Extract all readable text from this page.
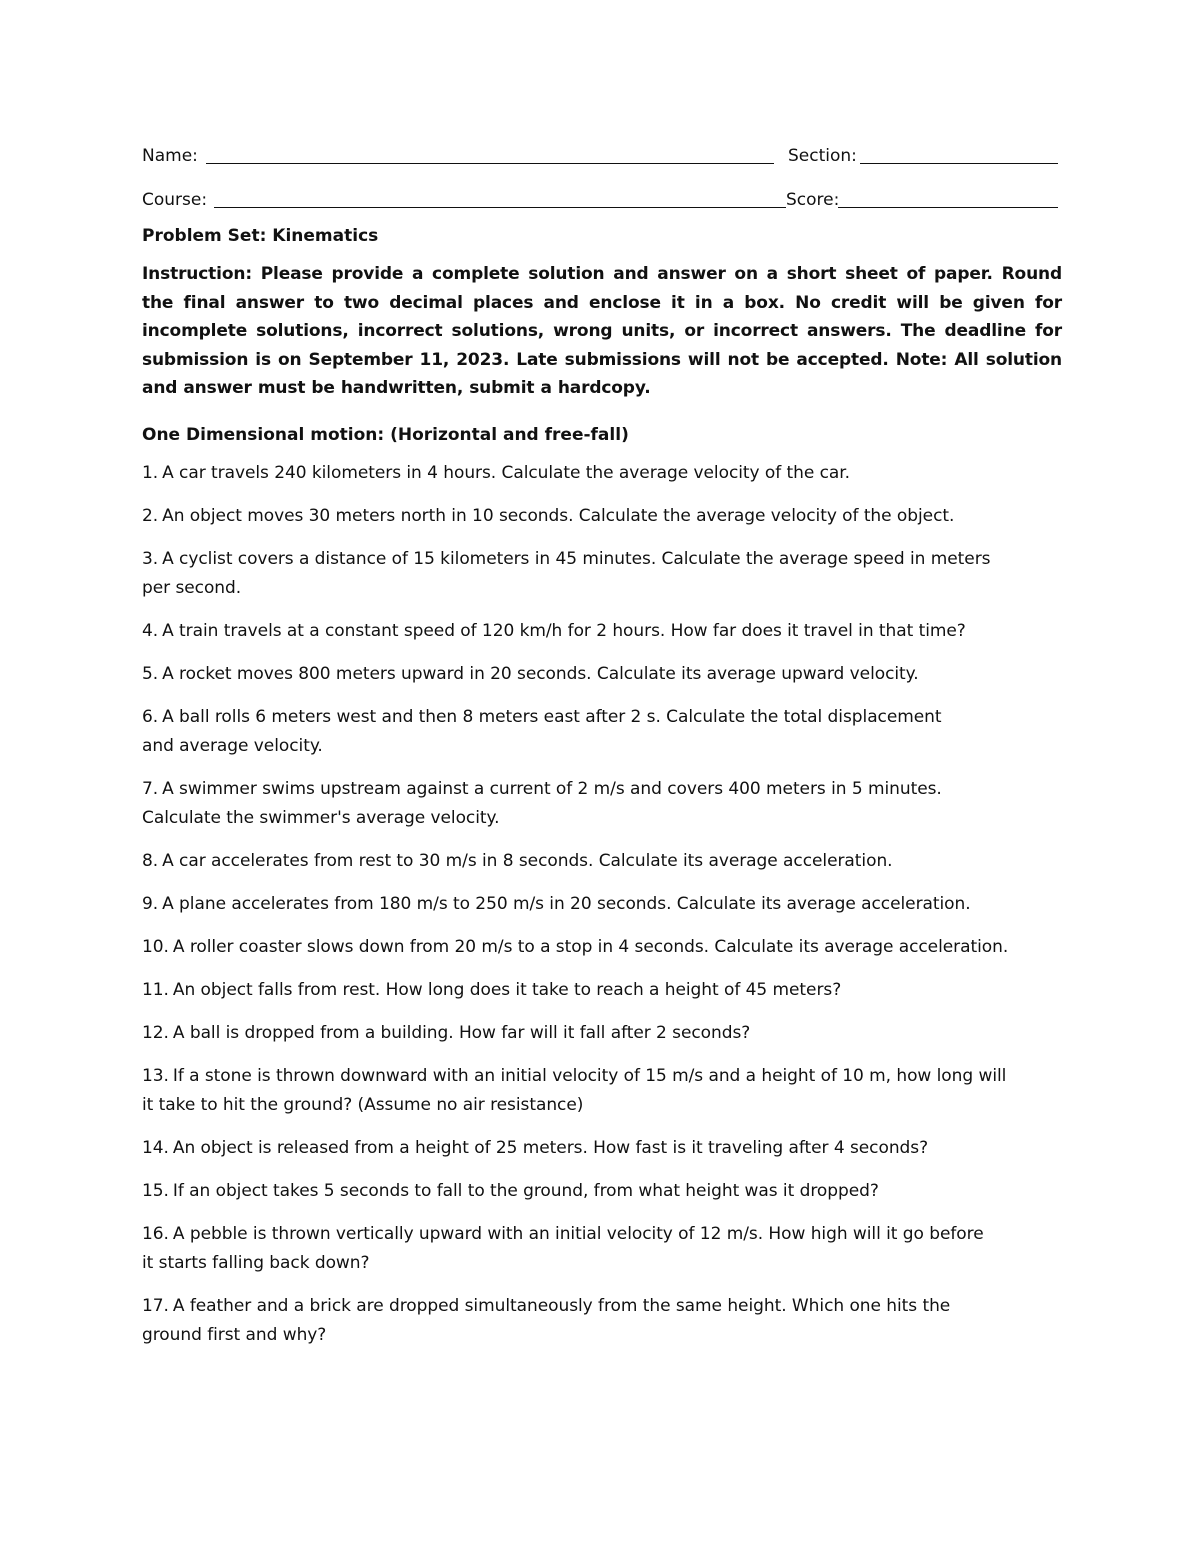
Name:	Section:
Course:	Score:

Problem Set: Kinematics

Instruction: Please provide a complete solution and answer on a short sheet of paper. Round the final answer to two decimal places and enclose it in a box. No credit will be given for incomplete solutions, incorrect solutions, wrong units, or incorrect answers. The deadline for submission is on September 11, 2023. Late submissions will not be accepted. Note: All solution and answer must be handwritten, submit a hardcopy.

One Dimensional motion: (Horizontal and free-fall)

1. A car travels 240 kilometers in 4 hours. Calculate the average velocity of the car.

2. An object moves 30 meters north in 10 seconds. Calculate the average velocity of the object.

3. A cyclist covers a distance of 15 kilometers in 45 minutes. Calculate the average speed in meters
per second.

4. A train travels at a constant speed of 120 km/h for 2 hours. How far does it travel in that time?

5. A rocket moves 800 meters upward in 20 seconds. Calculate its average upward velocity.

6. A ball rolls 6 meters west and then 8 meters east after 2 s. Calculate the total displacement
and average velocity.

7. A swimmer swims upstream against a current of 2 m/s and covers 400 meters in 5 minutes.
Calculate the swimmer's average velocity.

8. A car accelerates from rest to 30 m/s in 8 seconds. Calculate its average acceleration.

9. A plane accelerates from 180 m/s to 250 m/s in 20 seconds. Calculate its average acceleration.

10. A roller coaster slows down from 20 m/s to a stop in 4 seconds. Calculate its average acceleration.

11. An object falls from rest. How long does it take to reach a height of 45 meters?

12. A ball is dropped from a building. How far will it fall after 2 seconds?

13. If a stone is thrown downward with an initial velocity of 15 m/s and a height of 10 m, how long will
it take to hit the ground? (Assume no air resistance)

14. An object is released from a height of 25 meters. How fast is it traveling after 4 seconds?

15. If an object takes 5 seconds to fall to the ground, from what height was it dropped?

16. A pebble is thrown vertically upward with an initial velocity of 12 m/s. How high will it go before
it starts falling back down?

17. A feather and a brick are dropped simultaneously from the same height. Which one hits the
ground first and why?
